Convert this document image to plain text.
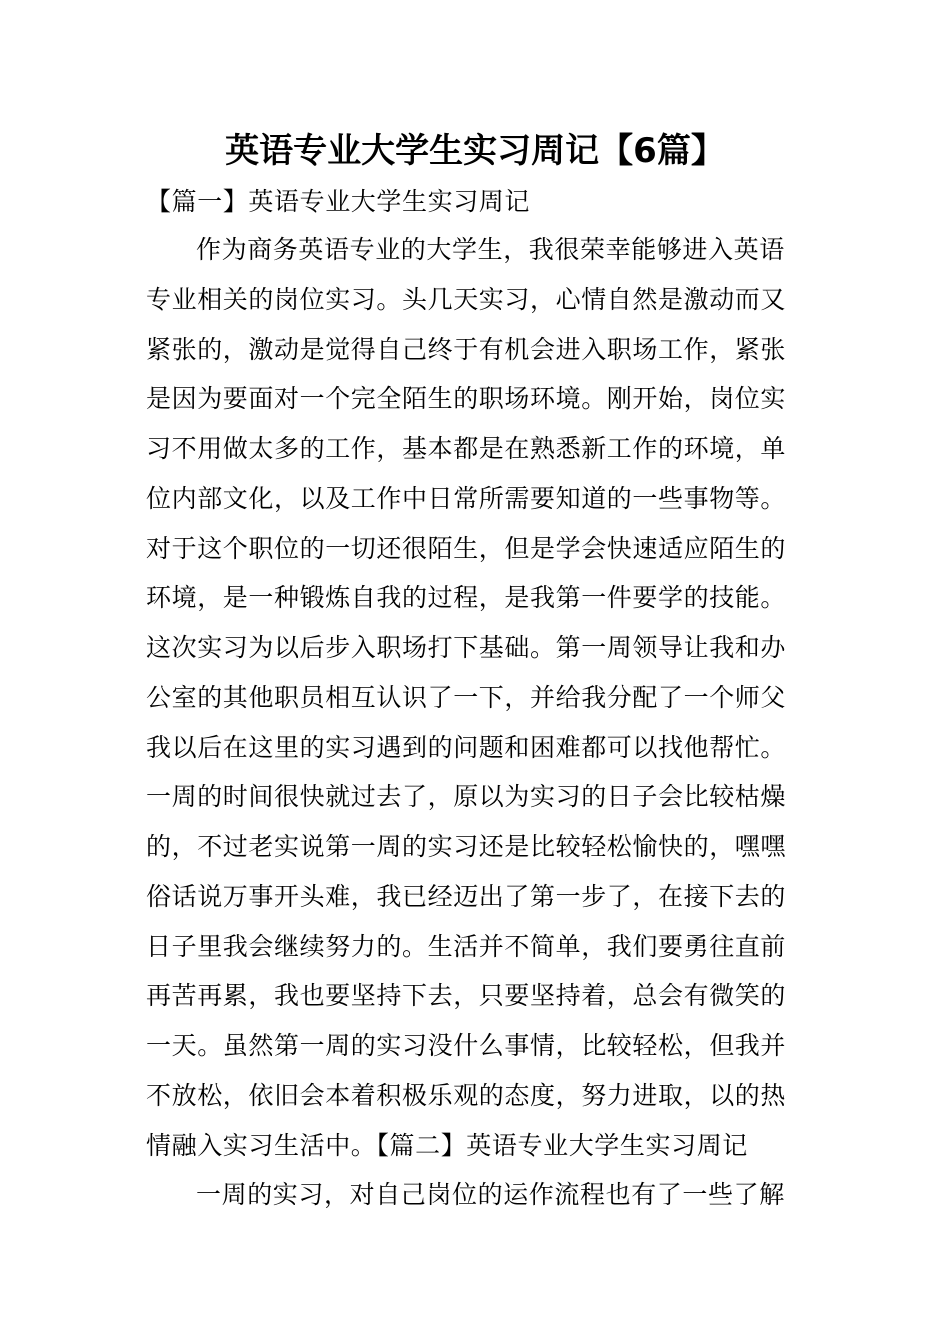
英语专业大学生实习周记【6篇】
【篇一】英语专业大学生实习周记
作为商务英语专业的大学生，我很荣幸能够进入英语
专业相关的岗位实习。头几天实习，心情自然是激动而又
紧张的，激动是觉得自己终于有机会进入职场工作，紧张
是因为要面对一个完全陌生的职场环境。刚开始，岗位实
习不用做太多的工作，基本都是在熟悉新工作的环境，单
位内部文化，以及工作中日常所需要知道的一些事物等。
对于这个职位的一切还很陌生，但是学会快速适应陌生的
环境，是一种锻炼自我的过程，是我第一件要学的技能。
这次实习为以后步入职场打下基础。第一周领导让我和办
公室的其他职员相互认识了一下，并给我分配了一个师父
我以后在这里的实习遇到的问题和困难都可以找他帮忙。
一周的时间很快就过去了，原以为实习的日子会比较枯燥
的，不过老实说第一周的实习还是比较轻松愉快的，嘿嘿
俗话说万事开头难，我已经迈出了第一步了，在接下去的
日子里我会继续努力的。生活并不简单，我们要勇往直前
再苦再累，我也要坚持下去，只要坚持着，总会有微笑的
一天。虽然第一周的实习没什么事情，比较轻松，但我并
不放松，依旧会本着积极乐观的态度，努力进取，以的热
情融入实习生活中。【篇二】英语专业大学生实习周记
一周的实习，对自己岗位的运作流程也有了一些了解
